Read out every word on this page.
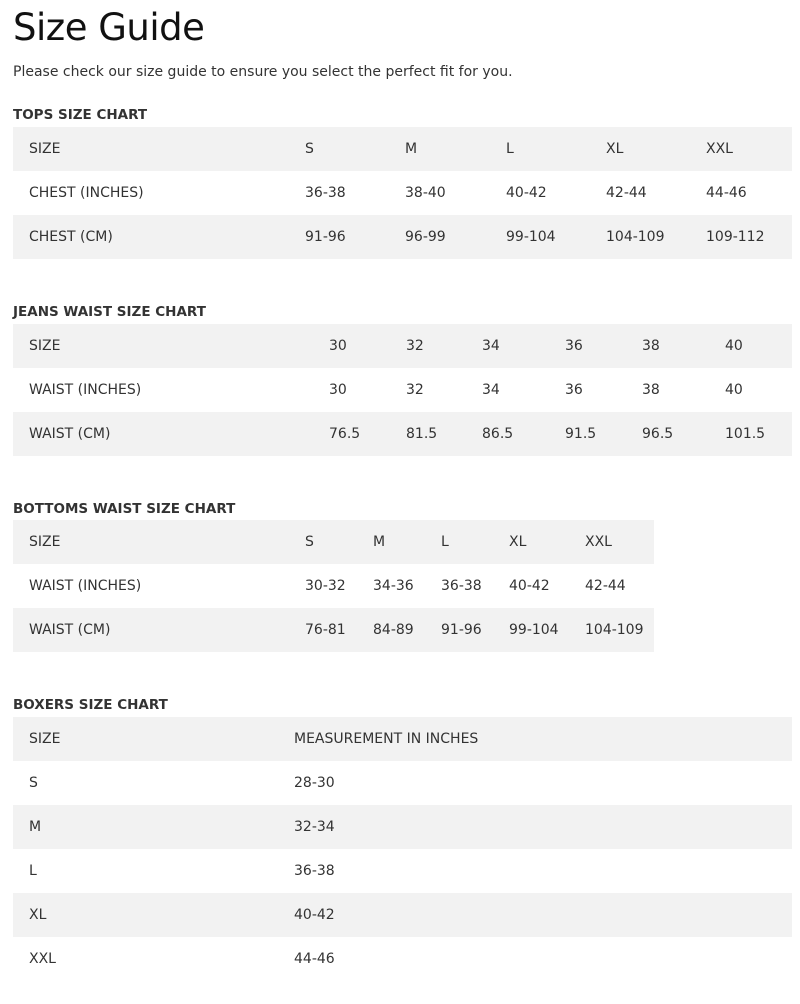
Size Guide

Please check our size guide to ensure you select the perfect fit for you.

TOPS SIZE CHART
SIZE	S	M	L	XL	XXL
CHEST (INCHES)	36-38	38-40	40-42	42-44	44-46
CHEST (CM)	91-96	96-99	99-104	104-109	109-112
JEANS WAIST SIZE CHART
SIZE	30	32	34	36	38	40
WAIST (INCHES)	30	32	34	36	38	40
WAIST (CM)	76.5	81.5	86.5	91.5	96.5	101.5
BOTTOMS WAIST SIZE CHART
SIZE	S	M	L	XL	XXL
WAIST (INCHES)	30-32	34-36	36-38	40-42	42-44
WAIST (CM)	76-81	84-89	91-96	99-104	104-109
BOXERS SIZE CHART
SIZE	MEASUREMENT IN INCHES
S	28-30
M	32-34
L	36-38
XL	40-42
XXL	44-46
